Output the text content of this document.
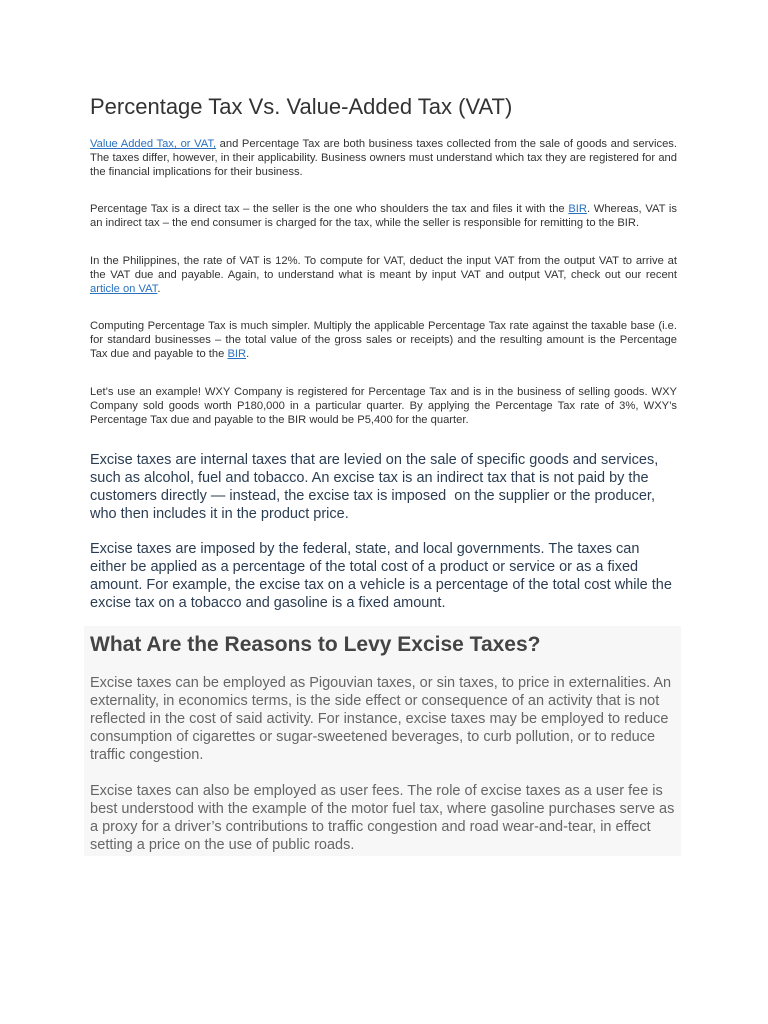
Percentage Tax Vs. Value-Added Tax (VAT)

Value Added Tax, or VAT, and Percentage Tax are both business taxes collected from the sale of goods and services. The taxes differ, however, in their applicability. Business owners must understand which tax they are registered for and the financial implications for their business.

Percentage Tax is a direct tax – the seller is the one who shoulders the tax and files it with the BIR. Whereas, VAT is an indirect tax – the end consumer is charged for the tax, while the seller is responsible for remitting to the BIR.

In the Philippines, the rate of VAT is 12%. To compute for VAT, deduct the input VAT from the output VAT to arrive at the VAT due and payable. Again, to understand what is meant by input VAT and output VAT, check out our recent article on VAT.

Computing Percentage Tax is much simpler. Multiply the applicable Percentage Tax rate against the taxable base (i.e. for standard businesses – the total value of the gross sales or receipts) and the resulting amount is the Percentage Tax due and payable to the BIR.

Let’s use an example! WXY Company is registered for Percentage Tax and is in the business of selling goods. WXY Company sold goods worth P180,000 in a particular quarter. By applying the Percentage Tax rate of 3%, WXY’s Percentage Tax due and payable to the BIR would be P5,400 for the quarter.

Excise taxes are internal taxes that are levied on the sale of specific goods and services, such as alcohol, fuel and tobacco. An excise tax is an indirect tax that is not paid by the customers directly — instead, the excise tax is imposed  on the supplier or the producer, who then includes it in the product price.

Excise taxes are imposed by the federal, state, and local governments. The taxes can either be applied as a percentage of the total cost of a product or service or as a fixed amount. For example, the excise tax on a vehicle is a percentage of the total cost while the excise tax on a tobacco and gasoline is a fixed amount.

What Are the Reasons to Levy Excise Taxes?

Excise taxes can be employed as Pigouvian taxes, or sin taxes, to price in externalities. An externality, in economics terms, is the side effect or consequence of an activity that is not reflected in the cost of said activity. For instance, excise taxes may be employed to reduce consumption of cigarettes or sugar-sweetened beverages, to curb pollution, or to reduce traffic congestion.

Excise taxes can also be employed as user fees. The role of excise taxes as a user fee is best understood with the example of the motor fuel tax, where gasoline purchases serve as a proxy for a driver’s contributions to traffic congestion and road wear-and-tear, in effect setting a price on the use of public roads.
